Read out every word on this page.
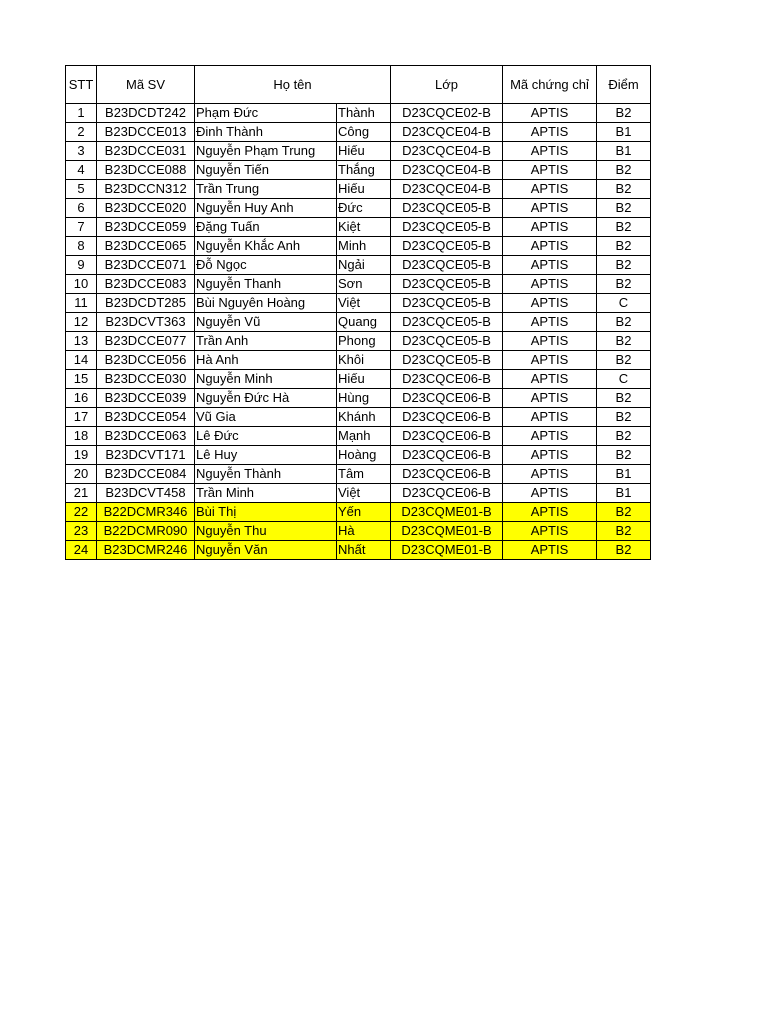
STT	Mã SV	Họ tên		Lớp	Mã chứng chỉ	Điểm
1	B23DCDT242	Phạm Đức	Thành	D23CQCE02-B	APTIS	B2
2	B23DCCE013	Đinh Thành	Công	D23CQCE04-B	APTIS	B1
3	B23DCCE031	Nguyễn Phạm Trung	Hiếu	D23CQCE04-B	APTIS	B1
4	B23DCCE088	Nguyễn Tiến	Thắng	D23CQCE04-B	APTIS	B2
5	B23DCCN312	Trần Trung	Hiếu	D23CQCE04-B	APTIS	B2
6	B23DCCE020	Nguyễn Huy Anh	Đức	D23CQCE05-B	APTIS	B2
7	B23DCCE059	Đặng Tuấn	Kiệt	D23CQCE05-B	APTIS	B2
8	B23DCCE065	Nguyễn Khắc Anh	Minh	D23CQCE05-B	APTIS	B2
9	B23DCCE071	Đỗ Ngọc	Ngải	D23CQCE05-B	APTIS	B2
10	B23DCCE083	Nguyễn Thanh	Sơn	D23CQCE05-B	APTIS	B2
11	B23DCDT285	Bùi Nguyên Hoàng	Việt	D23CQCE05-B	APTIS	C
12	B23DCVT363	Nguyễn Vũ	Quang	D23CQCE05-B	APTIS	B2
13	B23DCCE077	Trần Anh	Phong	D23CQCE05-B	APTIS	B2
14	B23DCCE056	Hà Anh	Khôi	D23CQCE05-B	APTIS	B2
15	B23DCCE030	Nguyễn Minh	Hiếu	D23CQCE06-B	APTIS	C
16	B23DCCE039	Nguyễn Đức Hà	Hùng	D23CQCE06-B	APTIS	B2
17	B23DCCE054	Vũ Gia	Khánh	D23CQCE06-B	APTIS	B2
18	B23DCCE063	Lê Đức	Mạnh	D23CQCE06-B	APTIS	B2
19	B23DCVT171	Lê Huy	Hoàng	D23CQCE06-B	APTIS	B2
20	B23DCCE084	Nguyễn Thành	Tâm	D23CQCE06-B	APTIS	B1
21	B23DCVT458	Trần Minh	Việt	D23CQCE06-B	APTIS	B1
22	B22DCMR346	Bùi Thị	Yến	D23CQME01-B	APTIS	B2
23	B22DCMR090	Nguyễn Thu	Hà	D23CQME01-B	APTIS	B2
24	B23DCMR246	Nguyễn Văn	Nhất	D23CQME01-B	APTIS	B2
